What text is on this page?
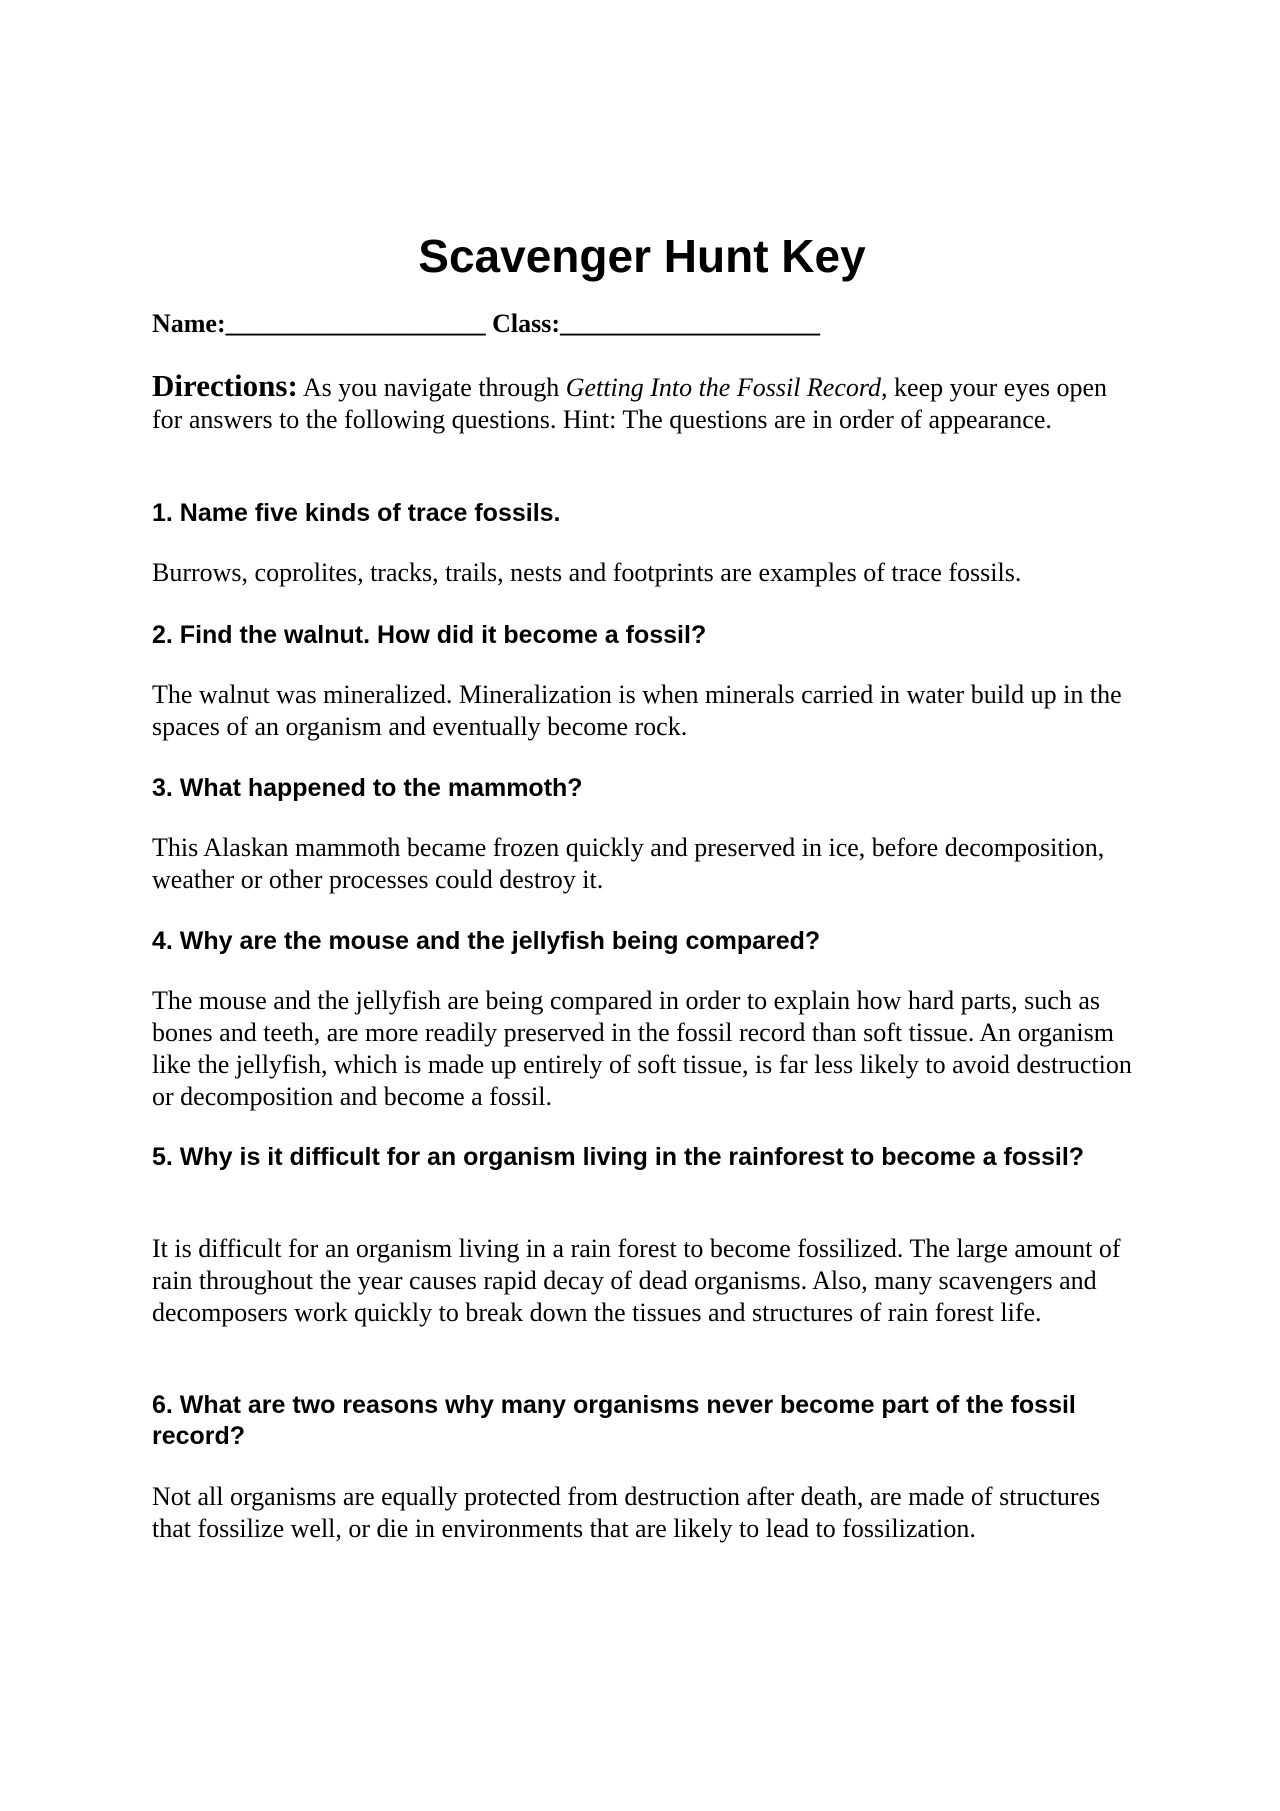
Scavenger Hunt Key
Name:____________________ Class:____________________

Directions: As you navigate through Getting Into the Fossil Record, keep your eyes open for answers to the following questions. Hint: The questions are in order of appearance.

1. Name five kinds of trace fossils.

Burrows, coprolites, tracks, trails, nests and footprints are examples of trace fossils.

2. Find the walnut. How did it become a fossil?

The walnut was mineralized. Mineralization is when minerals carried in water build up in the spaces of an organism and eventually become rock.

3. What happened to the mammoth?

This Alaskan mammoth became frozen quickly and preserved in ice, before decomposition, weather or other processes could destroy it.

4. Why are the mouse and the jellyfish being compared?

The mouse and the jellyfish are being compared in order to explain how hard parts, such as bones and teeth, are more readily preserved in the fossil record than soft tissue. An organism like the jellyfish, which is made up entirely of soft tissue, is far less likely to avoid destruction or decomposition and become a fossil.

5. Why is it difficult for an organism living in the rainforest to become a fossil?

It is difficult for an organism living in a rain forest to become fossilized. The large amount of rain throughout the year causes rapid decay of dead organisms. Also, many scavengers and decomposers work quickly to break down the tissues and structures of rain forest life.

6. What are two reasons why many organisms never become part of the fossil record?

Not all organisms are equally protected from destruction after death, are made of structures that fossilize well, or die in environments that are likely to lead to fossilization.
